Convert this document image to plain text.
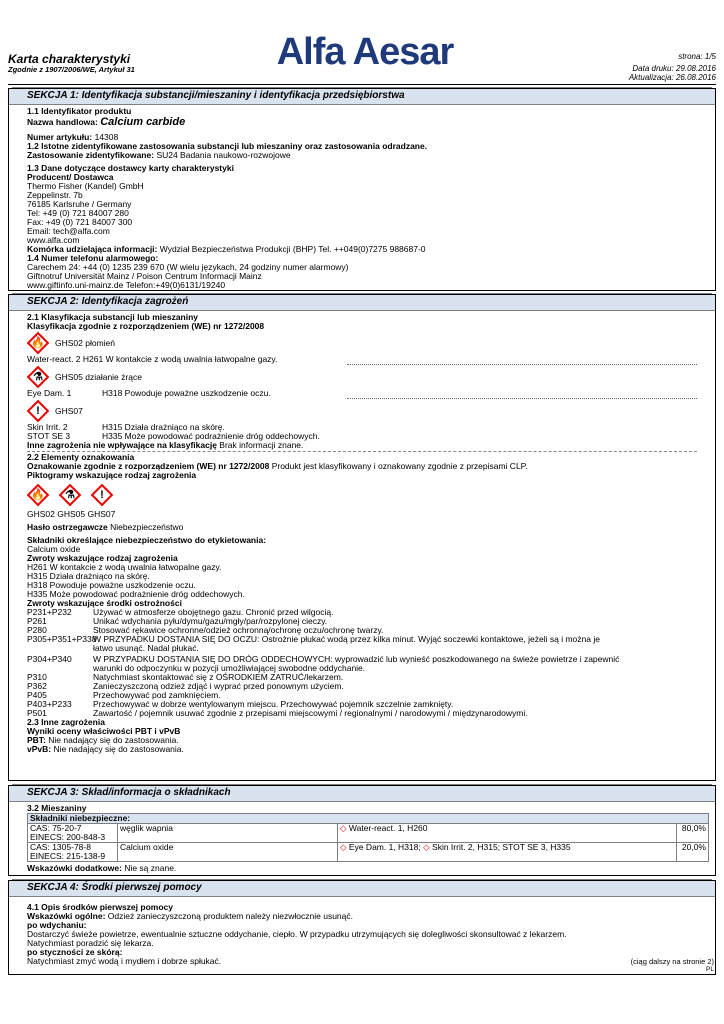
Karta charakterystyki
Zgodnie z 1907/2006/WE, Artykuł 31	Alfa Aesar	strona: 1/5
Data druku: 29.08.2016
Aktualizacja: 26.08.2016
SEKCJA 1: Identyfikacja substancji/mieszaniny i identyfikacja przedsiębiorstwa
1.1 Identyfikator produktu
Nazwa handlowa: Calcium carbide
Numer artykułu: 14308
1.2 Istotne zidentyfikowane zastosowania substancji lub mieszaniny oraz zastosowania odradzane.
Zastosowanie zidentyfikowane: SU24 Badania naukowo-rozwojowe
1.3 Dane dotyczące dostawcy karty charakterystyki
Producent/ Dostawca
Thermo Fisher (Kandel) GmbH
Zeppelinstr. 7b
76185 Karlsruhe / Germany
Tel: +49 (0) 721 84007 280
Fax: +49 (0) 721 84007 300
Email: tech@alfa.com
www.alfa.com
Komórka udzielająca informacji: Wydział Bezpieczeństwa Produkcji (BHP) Tel. ++049(0)7275 988687-0
1.4 Numer telefonu alarmowego:
Carechem 24: +44 (0) 1235 239 670 (W wielu językach, 24 godziny numer alarmowy)
Giftnotruf Universität Mainz / Poison Centrum Informacji Mainz
www.giftinfo.uni-mainz.de Telefon:+49(0)6131/19240
SEKCJA 2: Identyfikacja zagrożeń
2.1 Klasyfikacja substancji lub mieszaniny
Klasyfikacja zgodnie z rozporządzeniem (WE) nr 1272/2008
🔥	GHS02 płomień
Water-react. 2 H261 W kontakcie z wodą uwalnia łatwopalne gazy.
⚗	GHS05 działanie żrące
Eye Dam. 1	H318 Powoduje poważne uszkodzenie oczu.
!	GHS07
Skin Irrit. 2	H315 Działa drażniąco na skórę.
STOT SE 3	H335 Może powodować podrażnienie dróg oddechowych.
Inne zagrożenia nie wpływające na klasyfikację Brak informacji znane.
2.2 Elementy oznakowania
Oznakowanie zgodnie z rozporządzeniem (WE) nr 1272/2008 Produkt jest klasyfikowany i oznakowany zgodnie z przepisami CLP.
Piktogramy wskazujące rodzaj zagrożenia
🔥	⚗	!
GHS02 GHS05 GHS07
Hasło ostrzegawcze Niebezpieczeństwo
Składniki określające niebezpieczeństwo do etykietowania:
Calcium oxide
Zwroty wskazujące rodzaj zagrożenia
H261 W kontakcie z wodą uwalnia łatwopalne gazy.
H315 Działa drażniąco na skórę.
H318 Powoduje poważne uszkodzenie oczu.
H335 Może powodować podrażnienie dróg oddechowych.
Zwroty wskazujące środki ostrożności
P231+P232	Używać w atmosferze obojętnego gazu. Chronić przed wilgocią.
P261	Unikać wdychania pyłu/dymu/gazu/mgły/par/rozpylonej cieczy.
P280	Stosować rękawice ochronne/odzież ochronną/ochronę oczu/ochronę twarzy.
P305+P351+P338
W PRZYPADKU DOSTANIA SIĘ DO OCZU: Ostrożnie płukać wodą przez kilka minut. Wyjąć soczewki kontaktowe, jeżeli są i można je
łatwo usunąć. Nadal płukać.
P304+P340	W PRZYPADKU DOSTANIA SIĘ DO DRÓG ODDECHOWYCH: wyprowadzić lub wynieść poszkodowanego na świeże powietrze i zapewnić
warunki do odpoczynku w pozycji umożliwiającej swobodne oddychanie.
P310	Natychmiast skontaktować się z OŚRODKIEM ZATRUĆ/lekarzem.
P362	Zanieczyszczoną odzież zdjąć i wyprać przed ponownym użyciem.
P405	Przechowywać pod zamknięciem.
P403+P233	Przechowywać w dobrze wentylowanym miejscu. Przechowywać pojemnik szczelnie zamknięty.
P501	Zawartość / pojemnik usuwać zgodnie z przepisami miejscowymi / regionalnymi / narodowymi / międzynarodowymi.
2.3 Inne zagrożenia
Wyniki oceny właściwości PBT i vPvB
PBT: Nie nadający się do zastosowania.
vPvB: Nie nadający się do zastosowania.
SEKCJA 3: Skład/informacja o składnikach
3.2 Mieszaniny
Składniki niebezpieczne:			

CAS: 75-20-7
EINECS: 200-848-3	węglik wapnia	◇ Water-react. 1, H260	80,0%

CAS: 1305-78-8
EINECS: 215-138-9	Calcium oxide	◇ Eye Dam. 1, H318; ◇ Skin Irrit. 2, H315; STOT SE 3, H335	20,0%
Wskazówki dodatkowe: Nie są znane.
SEKCJA 4: Środki pierwszej pomocy
4.1 Opis środków pierwszej pomocy
Wskazówki ogólne: Odzież zanieczyszczoną produktem należy niezwłocznie usunąć.
po wdychaniu:
Dostarczyć świeże powietrze, ewentualnie sztuczne oddychanie, ciepło. W przypadku utrzymujących się dolegliwości skonsultować z lekarzem.
Natychmiast poradzić się lekarza.
po styczności ze skórą:
Natychmiast zmyć wodą i mydłem i dobrze spłukać.	(ciąg dalszy na stronie 2)
PL
